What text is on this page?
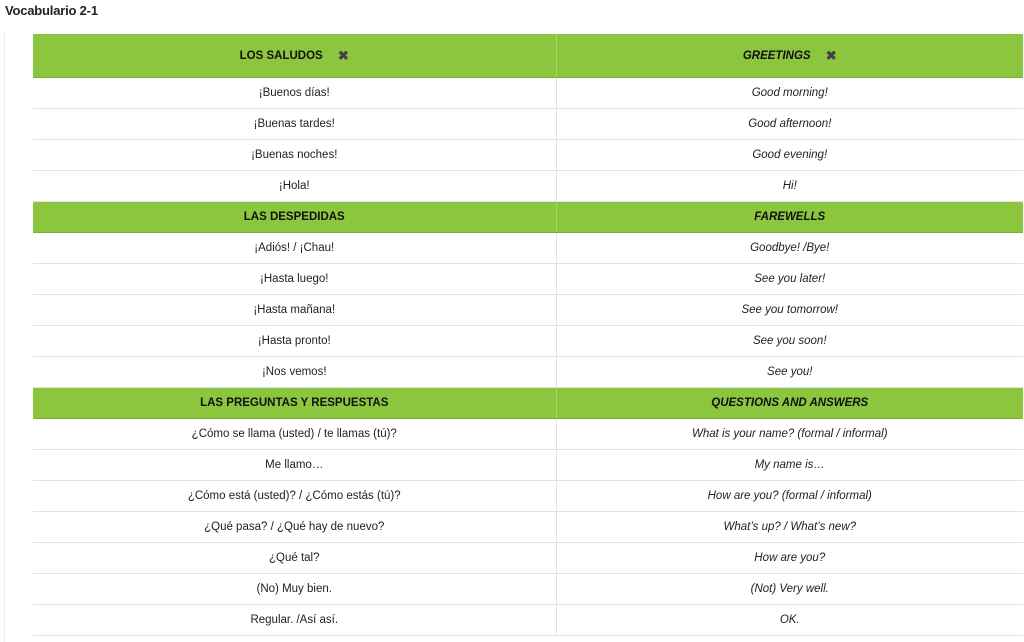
Vocabulario 2-1
LOS SALUDOS ✖	GREETINGS ✖
¡Buenos días!	Good morning!
¡Buenas tardes!	Good afternoon!
¡Buenas noches!	Good evening!
¡Hola!	Hi!
LAS DESPEDIDAS	FAREWELLS
¡Adiós! / ¡Chau!	Goodbye! /Bye!
¡Hasta luego!	See you later!
¡Hasta mañana!	See you tomorrow!
¡Hasta pronto!	See you soon!
¡Nos vemos!	See you!
LAS PREGUNTAS Y RESPUESTAS	QUESTIONS AND ANSWERS
¿Cómo se llama (usted) / te llamas (tú)?	What is your name? (formal / informal)
Me llamo…	My name is…
¿Cómo está (usted)? / ¿Cómo estás (tú)?	How are you? (formal / informal)
¿Qué pasa? / ¿Qué hay de nuevo?	What’s up? / What’s new?
¿Qué tal?	How are you?
(No) Muy bien.	(Not) Very well.
Regular. /Así así.	OK.
